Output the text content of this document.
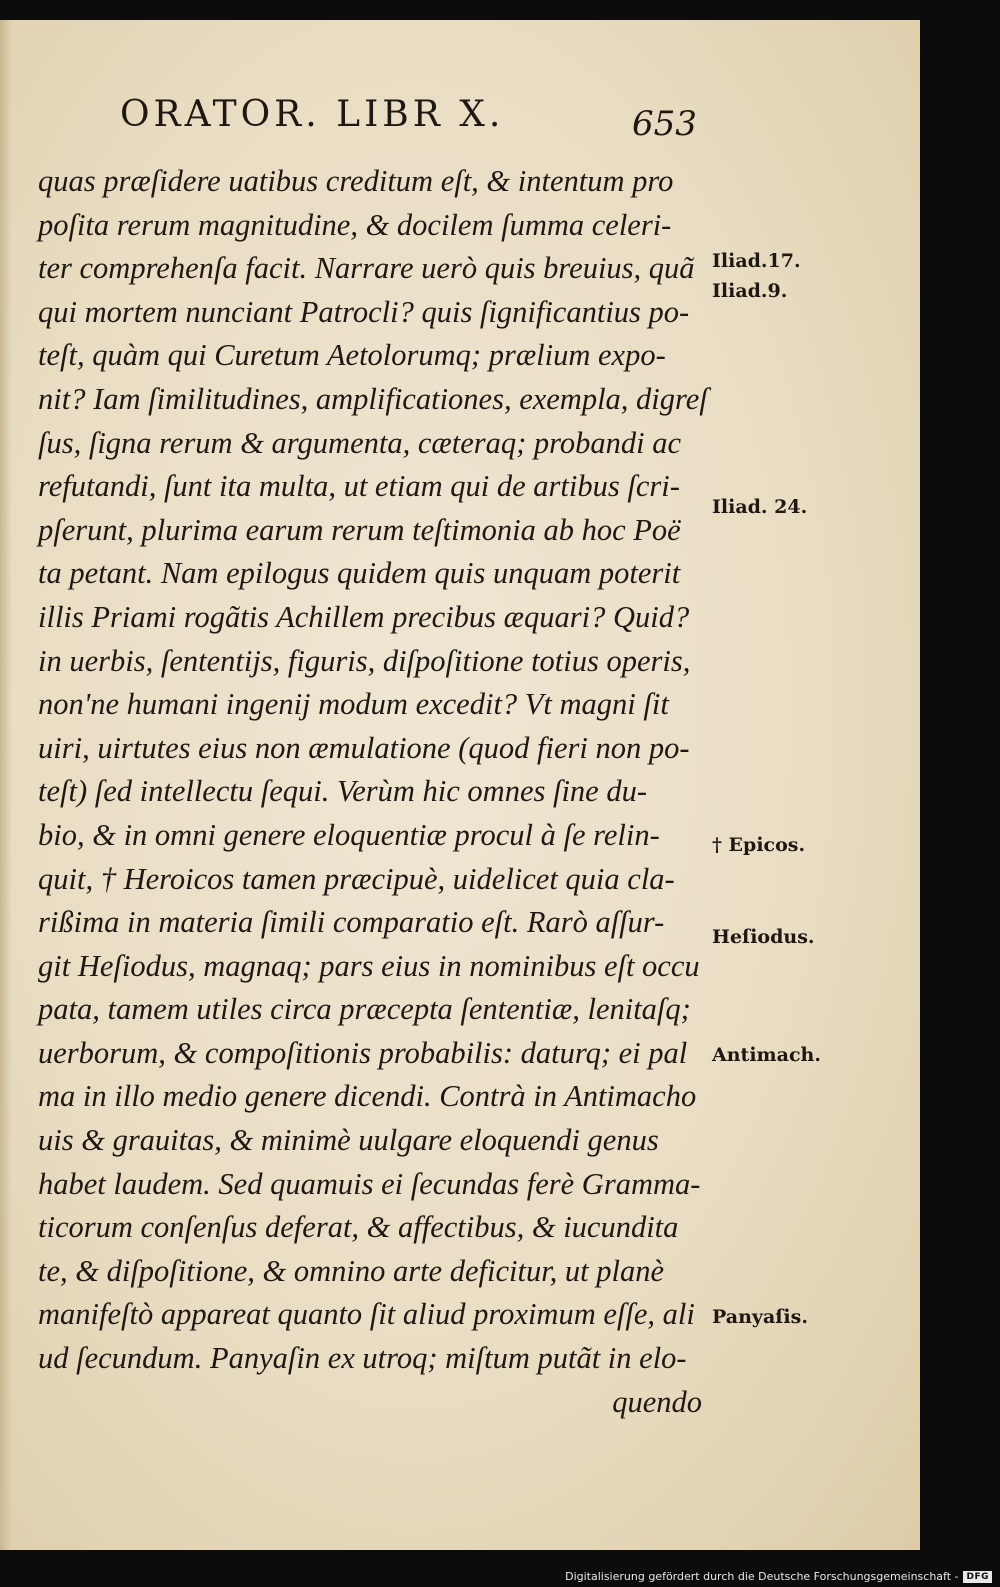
ORATOR. LIBR X.	653
quas præſidere uatibus creditum eſt, & intentum pro
poſita rerum magnitudine, & docilem ſumma celeri-
ter comprehenſa facit. Narrare uerò quis breuius, quã
qui mortem nunciant Patrocli? quis ſignificantius po-
teſt, quàm qui Curetum Aetolorumq; prælium expo-
nit? Iam ſimilitudines, amplificationes, exempla, digreſ
ſus, ſigna rerum & argumenta, cæteraq; probandi ac
refutandi, ſunt ita multa, ut etiam qui de artibus ſcri-
pſerunt, plurima earum rerum teſtimonia ab hoc Poë
ta petant. Nam epilogus quidem quis unquam poterit
illis Priami rogãtis Achillem precibus æquari? Quid?
in uerbis, ſententijs, figuris, diſpoſitione totius operis,
non'ne humani ingenij modum excedit? Vt magni ſit
uiri, uirtutes eius non æmulatione (quod fieri non po-
teſt) ſed intellectu ſequi. Verùm hic omnes ſine du-
bio, & in omni genere eloquentiæ procul à ſe relin-
quit, † Heroicos tamen præcipuè, uidelicet quia cla-
rißima in materia ſimili comparatio eſt. Rarò aſſur-
git Heſiodus, magnaq; pars eius in nominibus eſt occu
pata, tamem utiles circa præcepta ſententiæ, lenitaſq;
uerborum, & compoſitionis probabilis: daturq; ei pal
ma in illo medio genere dicendi. Contrà in Antimacho
uis & grauitas, & minimè uulgare eloquendi genus
habet laudem. Sed quamuis ei ſecundas ferè Gramma-
ticorum conſenſus deferat, & affectibus, & iucundita
te, & diſpoſitione, & omnino arte deficitur, ut planè
manifeſtò appareat quanto ſit aliud proximum eſſe, ali
ud ſecundum. Panyaſin ex utroq; miſtum putãt in elo-
quendo
Iliad.17.
Iliad.9.
Iliad. 24.
† Epicos.
Heſiodus.
Antimach.
Panyaſis.
Digitalisierung gefördert durch die Deutsche Forschungsgemeinschaft - DFG
